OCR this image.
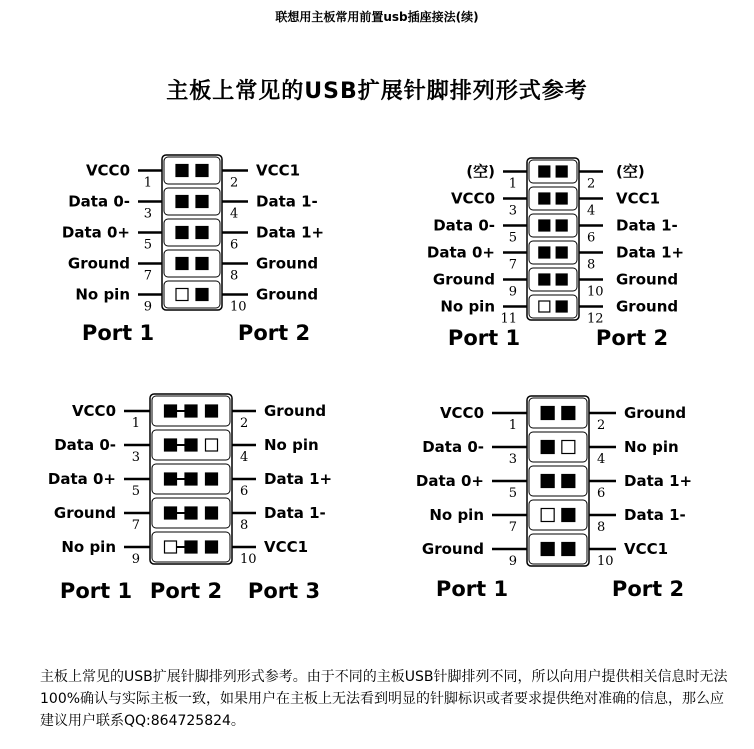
联想用主板常用前置usb插座接法(续)
主板上常见的USB扩展针脚排列形式参考
VCC0	VCC1
1	2
Data 0-	Data 1-
3	4
Data 0+	Data 1+
5	6
Ground	Ground
7	8
No pin	Ground
9	10
Port 1	Port 2
(空)	(空)
1	2
VCC0	VCC1
3	4
Data 0-	Data 1-
5	6
Data 0+	Data 1+
7	8
Ground	Ground
9	10
No pin	Ground
11	12
Port 1	Port 2
VCC0	Ground
1	2
Data 0-	No pin
3	4
Data 0+	Data 1+
5	6
Ground	Data 1-
7	8
No pin	VCC1
9	10
Port 1 Port 2 Port 3
VCC0	Ground
1	2
Data 0-	No pin
3	4
Data 0+	Data 1+
5	6
No pin	Data 1-
7	8
Ground	VCC1
9	10
Port 1	Port 2
主板上常见的USB扩展针脚排列形式参考。由于不同的主板USB针脚排列不同，所以向用户提供相关信息时无法100%确认与实际主板一致，如果用户在主板上无法看到明显的针脚标识或者要求提供绝对准确的信息，那么应建议用户联系QQ:864725824。
